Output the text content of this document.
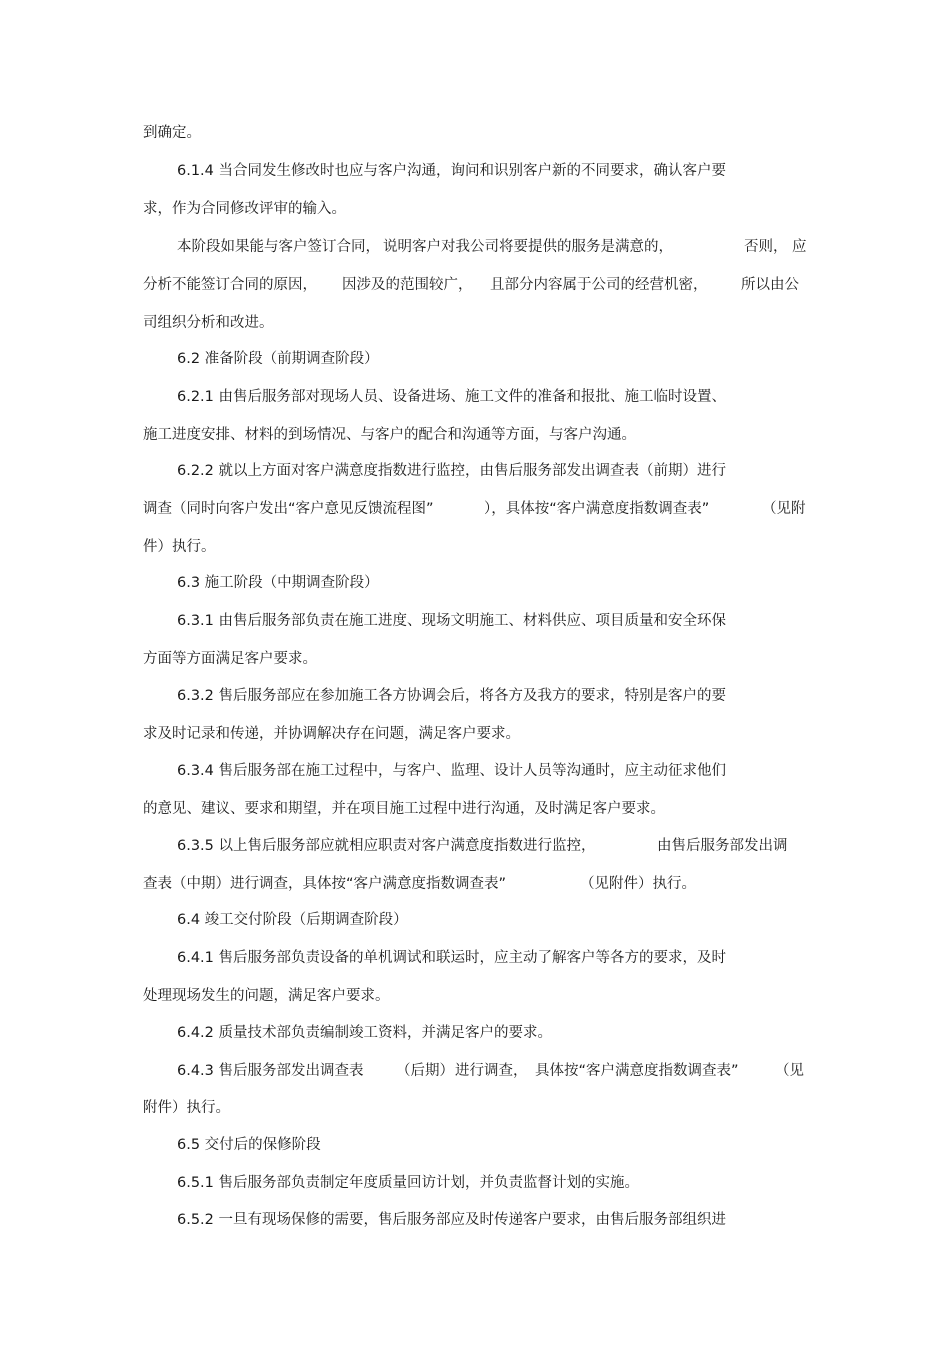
到确定。

6.1.4 当合同发生修改时也应与客户沟通，询问和识别客户新的不同要求，确认客户要

求，作为合同修改评审的输入。

本阶段如果能与客户签订合同，

说明客户对我公司将要提供的服务是满意的，

	否则，

应

分析不能签订合同的原因，

因涉及的范围较广，

且部分内容属于公司的经营机密，

所以由公

司组织分析和改进。

6.2 准备阶段（前期调查阶段）

6.2.1 由售后服务部对现场人员、设备进场、施工文件的准备和报批、施工临时设置、

施工进度安排、材料的到场情况、与客户的配合和沟通等方面，与客户沟通。

6.2.2 就以上方面对客户满意度指数进行监控，由售后服务部发出调查表（前期）进行

调查（同时向客户发出“客户意见反馈流程图”

	），具体按“客户满意度指数调查表”

	（见附

件）执行。

6.3 施工阶段（中期调查阶段）

6.3.1 由售后服务部负责在施工进度、现场文明施工、材料供应、项目质量和安全环保

方面等方面满足客户要求。

6.3.2 售后服务部应在参加施工各方协调会后，将各方及我方的要求，特别是客户的要

求及时记录和传递，并协调解决存在问题，满足客户要求。

6.3.4 售后服务部在施工过程中，与客户、监理、设计人员等沟通时，应主动征求他们

的意见、建议、要求和期望，并在项目施工过程中进行沟通，及时满足客户要求。

6.3.5 以上售后服务部应就相应职责对客户满意度指数进行监控，

	由售后服务部发出调

查表（中期）进行调查，具体按“客户满意度指数调查表”

	（见附件）执行。

6.4 竣工交付阶段（后期调查阶段）

6.4.1 售后服务部负责设备的单机调试和联运时，应主动了解客户等各方的要求，及时

处理现场发生的问题，满足客户要求。

6.4.2 质量技术部负责编制竣工资料，并满足客户的要求。

6.4.3 售后服务部发出调查表

（后期）

进行调查，

具体按“客户满意度指数调查表”

	（见

附件）执行。

6.5 交付后的保修阶段

6.5.1 售后服务部负责制定年度质量回访计划，并负责监督计划的实施。

6.5.2 一旦有现场保修的需要，售后服务部应及时传递客户要求，由售后服务部组织进
